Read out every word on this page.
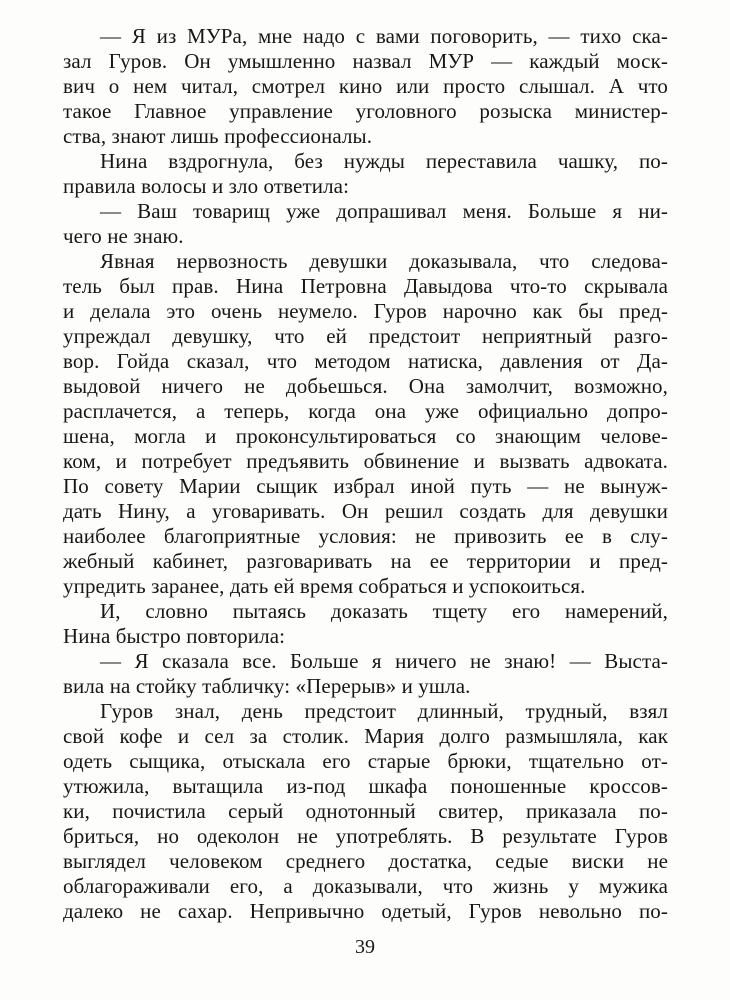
— Я из МУРа, мне надо с вами поговорить, — тихо ска-
зал Гуров. Он умышленно назвал МУР — каждый моск-
вич о нем читал, смотрел кино или просто слышал. А что
такое Главное управление уголовного розыска министер-
ства, знают лишь профессионалы.
Нина вздрогнула, без нужды переставила чашку, по-
правила волосы и зло ответила:
— Ваш товарищ уже допрашивал меня. Больше я ни-
чего не знаю.
Явная нервозность девушки доказывала, что следова-
тель был прав. Нина Петровна Давыдова что-то скрывала
и делала это очень неумело. Гуров нарочно как бы пред-
упреждал девушку, что ей предстоит неприятный разго-
вор. Гойда сказал, что методом натиска, давления от Да-
выдовой ничего не добьешься. Она замолчит, возможно,
расплачется, а теперь, когда она уже официально допро-
шена, могла и проконсультироваться со знающим челове-
ком, и потребует предъявить обвинение и вызвать адвоката.
По совету Марии сыщик избрал иной путь — не вынуж-
дать Нину, а уговаривать. Он решил создать для девушки
наиболее благоприятные условия: не привозить ее в слу-
жебный кабинет, разговаривать на ее территории и пред-
упредить заранее, дать ей время собраться и успокоиться.
И, словно пытаясь доказать тщету его намерений,
Нина быстро повторила:
— Я сказала все. Больше я ничего не знаю! — Выста-
вила на стойку табличку: «Перерыв» и ушла.
Гуров знал, день предстоит длинный, трудный, взял
свой кофе и сел за столик. Мария долго размышляла, как
одеть сыщика, отыскала его старые брюки, тщательно от-
утюжила, вытащила из-под шкафа поношенные кроссов-
ки, почистила серый однотонный свитер, приказала по-
бриться, но одеколон не употреблять. В результате Гуров
выглядел человеком среднего достатка, седые виски не
облагораживали его, а доказывали, что жизнь у мужика
далеко не сахар. Непривычно одетый, Гуров невольно по-
39
